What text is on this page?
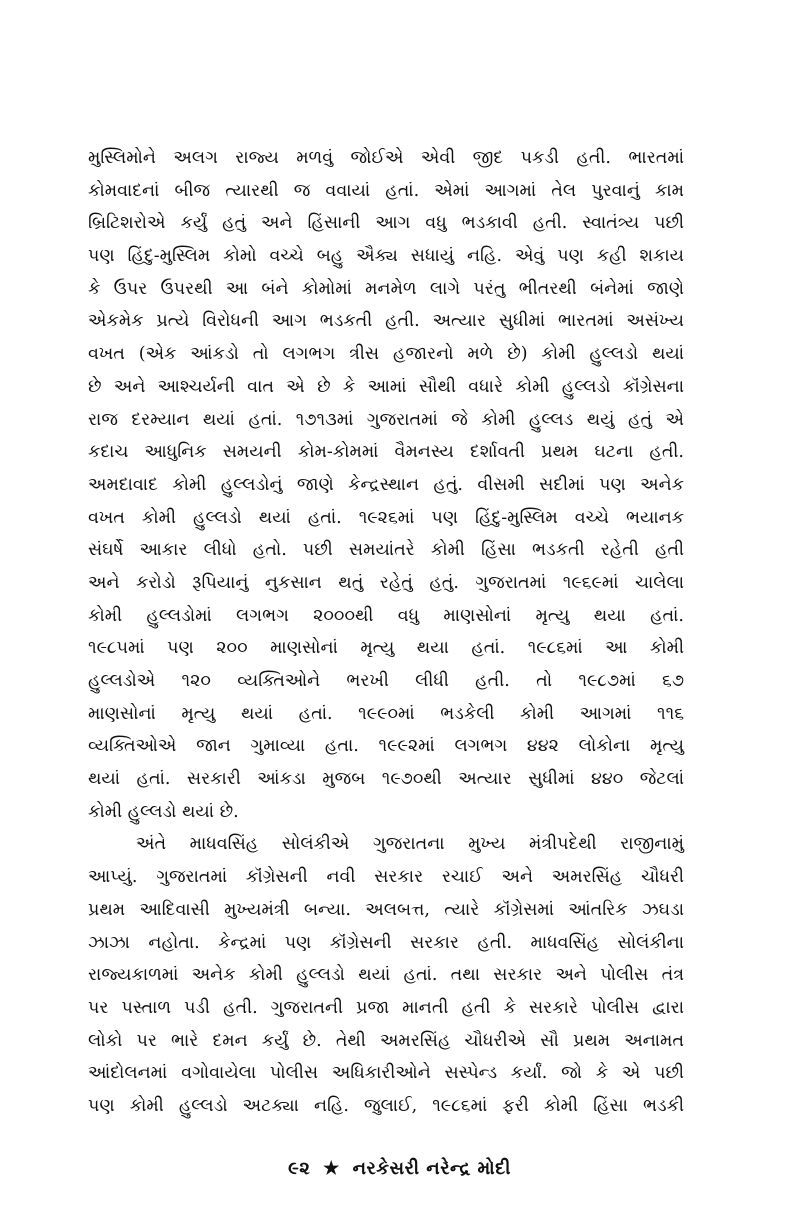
મુસ્લિમોને અલગ રાજ્ય મળવું જોઈએ એવી જીદ પકડી હતી. ભારતમાં
કોમવાદનાં બીજ ત્યારથી જ વવાયાં હતાં. એમાં આગમાં તેલ પુરવાનું કામ
બ્રિટિશરોએ કર્યું હતું અને હિંસાની આગ વધુ ભડકાવી હતી. સ્વાતંત્ર્ય પછી
પણ હિંદુ-મુસ્લિમ કોમો વચ્ચે બહુ ઐક્ય સધાયું નહિ. એવું પણ કહી શકાય
કે ઉપર ઉપરથી આ બંને કોમોમાં મનમેળ લાગે પરંતુ ભીતરથી બંનેમાં જાણે
એકમેક પ્રત્યે વિરોધની આગ ભડકતી હતી. અત્યાર સુધીમાં ભારતમાં અસંખ્ય
વખત (એક આંકડો તો લગભગ ત્રીસ હજારનો મળે છે) કોમી હુલ્લડો થયાં
છે અને આશ્ચર્યની વાત એ છે કે આમાં સૌથી વધારે કોમી હુલ્લડો કૉંગ્રેસના
રાજ દરમ્યાન થયાં હતાં. ૧૭૧૩માં ગુજરાતમાં જે કોમી હુલ્લડ થયું હતું એ
કદાચ આધુનિક સમયની કોમ-કોમમાં વૈમનસ્ય દર્શાવતી પ્રથમ ઘટના હતી.
અમદાવાદ કોમી હુલ્લડોનું જાણે કેન્દ્રસ્થાન હતું. વીસમી સદીમાં પણ અનેક
વખત કોમી હુલ્લડો થયાં હતાં. ૧૯૨૬માં પણ હિંદુ-મુસ્લિમ વચ્ચે ભયાનક
સંઘર્ષે આકાર લીધો હતો. પછી સમયાંતરે કોમી હિંસા ભડકતી રહેતી હતી
અને કરોડો રૂપિયાનું નુકસાન થતું રહેતું હતું. ગુજરાતમાં ૧૯૬૯માં ચાલેલા
કોમી હુલ્લડોમાં લગભગ ૨૦૦૦થી વધુ માણસોનાં મૃત્યુ થયા હતાં.
૧૯૮૫માં પણ ૨૦૦ માણસોનાં મૃત્યુ થયા હતાં. ૧૯૮૬માં આ કોમી
હુલ્લડોએ ૧૨૦ વ્યક્તિઓને ભરખી લીધી હતી. તો ૧૯૮૭માં ૬૭
માણસોનાં મૃત્યુ થયાં હતાં. ૧૯૯૦માં ભડકેલી કોમી આગમાં ૧૧૬
વ્યક્તિઓએ જાન ગુમાવ્યા હતા. ૧૯૯૨માં લગભગ ૪૪૨ લોકોના મૃત્યુ
થયાં હતાં. સરકારી આંકડા મુજબ ૧૯૭૦થી અત્યાર સુધીમાં ૪૪૦ જેટલાં
કોમી હુલ્લડો થયાં છે.
અંતે માધવસિંહ સોલંકીએ ગુજરાતના મુખ્ય મંત્રીપદેથી રાજીનામું
આપ્યું. ગુજરાતમાં કૉંગ્રેસની નવી સરકાર રચાઈ અને અમરસિંહ ચૌધરી
પ્રથમ આદિવાસી મુખ્યમંત્રી બન્યા. અલબત્ત, ત્યારે કૉંગ્રેસમાં આંતરિક ઝઘડા
ઝાઝા નહોતા. કેન્દ્રમાં પણ કૉંગ્રેસની સરકાર હતી. માધવસિંહ સોલંકીના
રાજ્યકાળમાં અનેક કોમી હુલ્લડો થયાં હતાં. તથા સરકાર અને પોલીસ તંત્ર
પર પસ્તાળ પડી હતી. ગુજરાતની પ્રજા માનતી હતી કે સરકારે પોલીસ દ્વારા
લોકો પર ભારે દમન કર્યું છે. તેથી અમરસિંહ ચૌધરીએ સૌ પ્રથમ અનામત
આંદોલનમાં વગોવાયેલા પોલીસ અધિકારીઓને સસ્પેન્ડ કર્યાં. જો કે એ પછી
પણ કોમી હુલ્લડો અટક્યા નહિ. જુલાઈ, ૧૯૮૬માં ફરી કોમી હિંસા ભડકી
૯૨ ★ નરકેસરી નરેન્દ્ર મોદી
